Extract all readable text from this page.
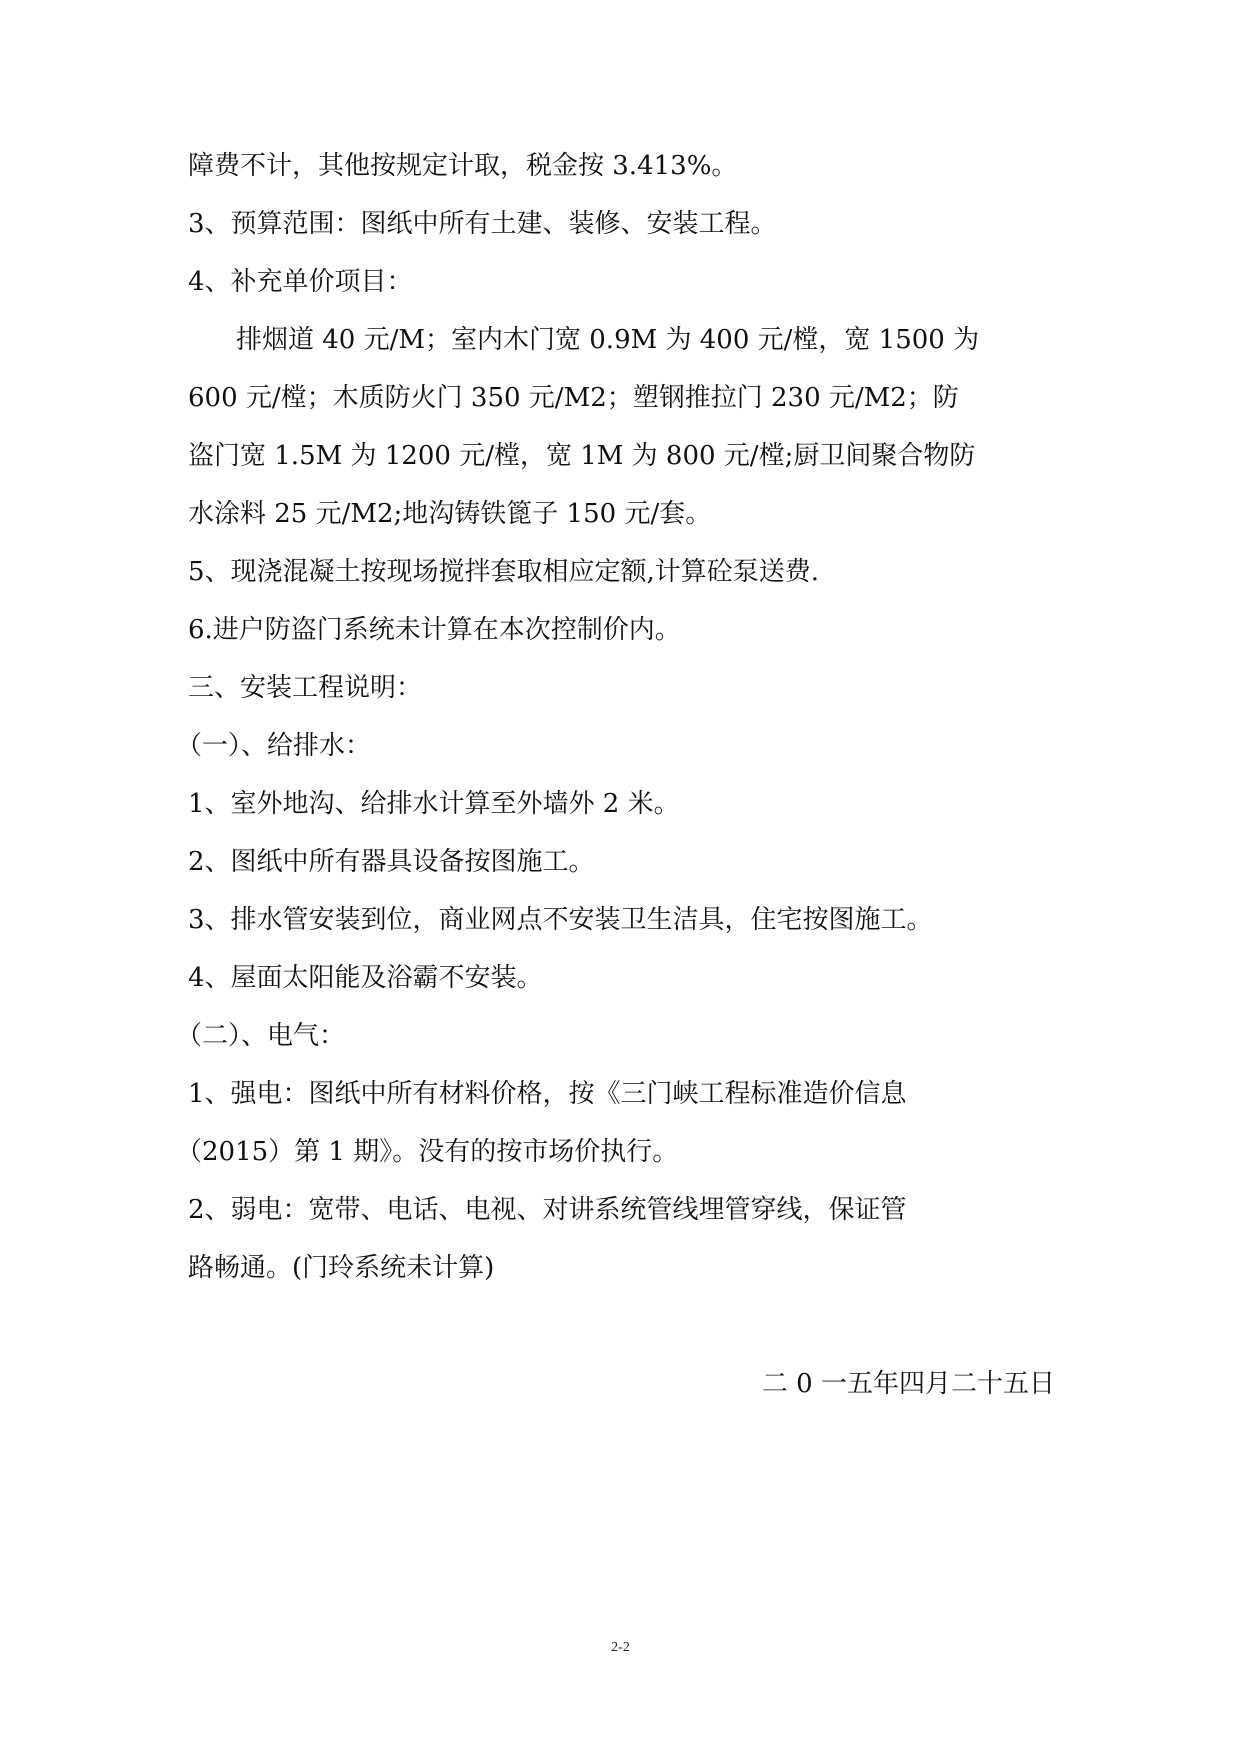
障费不计，其他按规定计取，税金按 3.413%。
3、预算范围：图纸中所有土建、装修、安装工程。
4、补充单价项目：
排烟道 40 元/M；室内木门宽 0.9M 为 400 元/樘，宽 1500 为
600 元/樘；木质防火门 350 元/M2；塑钢推拉门 230 元/M2；防
盗门宽 1.5M 为 1200 元/樘，宽 1M 为 800 元/樘;厨卫间聚合物防
水涂料 25 元/M2;地沟铸铁篦子 150 元/套。
5、现浇混凝土按现场搅拌套取相应定额,计算砼泵送费.
6.进户防盗门系统未计算在本次控制价内。
三、安装工程说明：
（一）、给排水：
1、室外地沟、给排水计算至外墙外 2 米。
2、图纸中所有器具设备按图施工。
3、排水管安装到位，商业网点不安装卫生洁具，住宅按图施工。
4、屋面太阳能及浴霸不安装。
（二）、电气：
1、强电：图纸中所有材料价格，按《三门峡工程标准造价信息
（2015）第 1 期》。没有的按市场价执行。
2、弱电：宽带、电话、电视、对讲系统管线埋管穿线，保证管
路畅通。(门玲系统未计算)
二 0 一五年四月二十五日
2-2
